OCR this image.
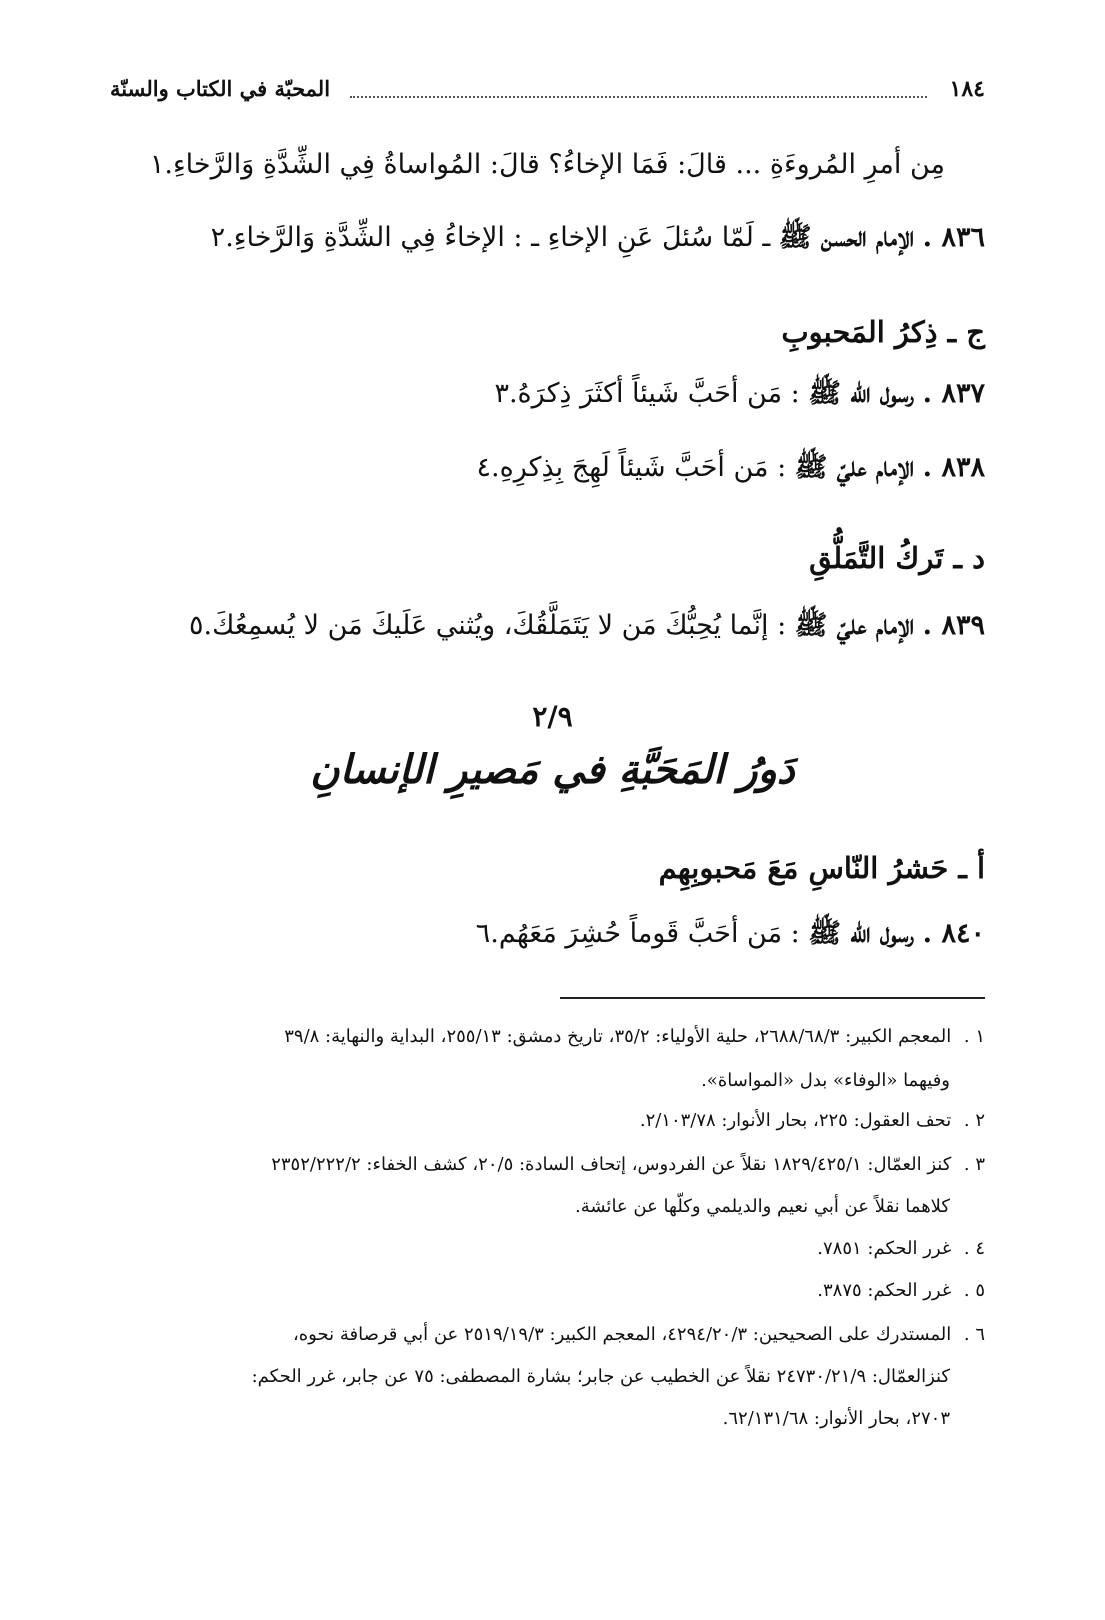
١٨٤
المحبّة في الكتاب والسنّة
مِن أمرِ المُروءَةِ ... قالَ: فَمَا الإخاءُ؟ قالَ: المُواساةُ فِي الشِّدَّةِ وَالرَّخاءِ.١
٨٣٦ . الإمام الحسن ﷺ ـ لَمّا سُئلَ عَنِ الإخاءِ ـ : الإخاءُ فِي الشِّدَّةِ وَالرَّخاءِ.٢
ج ـ ذِكرُ المَحبوبِ
٨٣٧ . رسول الله ﷺ : مَن أحَبَّ شَيئاً أكثَرَ ذِكرَهُ.٣
٨٣٨ . الإمام عليّ ﷺ : مَن أحَبَّ شَيئاً لَهِجَ بِذِكرِهِ.٤
د ـ تَركُ التَّمَلُّقِ
٨٣٩ . الإمام عليّ ﷺ : إنَّما يُحِبُّكَ مَن لا يَتَمَلَّقُكَ، ويُثني عَلَيكَ مَن لا يُسمِعُكَ.٥
٢/٩
دَورُ المَحَبَّةِ في مَصيرِ الإنسانِ
أ ـ حَشرُ النّاسِ مَعَ مَحبوبِهِم
٨٤٠ . رسول الله ﷺ : مَن أحَبَّ قَوماً حُشِرَ مَعَهُم.٦
١ . المعجم الكبير: ٢٦٨٨/٦٨/٣، حلية الأولياء: ٣٥/٢، تاريخ دمشق: ٢٥٥/١٣، البداية والنهاية: ٣٩/٨
وفيهما «الوفاء» بدل «المواساة».
٢ . تحف العقول: ٢٢٥، بحار الأنوار: ٢/١٠٣/٧٨.
٣ . كنز العمّال: ١٨٢٩/٤٢٥/١ نقلاً عن الفردوس، إتحاف السادة: ٢٠/٥، كشف الخفاء: ٢٣٥٢/٢٢٢/٢
كلاهما نقلاً عن أبي نعيم والديلمي وكلّها عن عائشة.
٤ . غرر الحكم: ٧٨٥١.
٥ . غرر الحكم: ٣٨٧٥.
٦ . المستدرك على الصحيحين: ٤٢٩٤/٢٠/٣، المعجم الكبير: ٢٥١٩/١٩/٣ عن أبي قرصافة نحوه،
كنزالعمّال: ٢٤٧٣٠/٢١/٩ نقلاً عن الخطيب عن جابر؛ بشارة المصطفى: ٧٥ عن جابر، غرر الحكم:
٢٧٠٣، بحار الأنوار: ٦٢/١٣١/٦٨.
